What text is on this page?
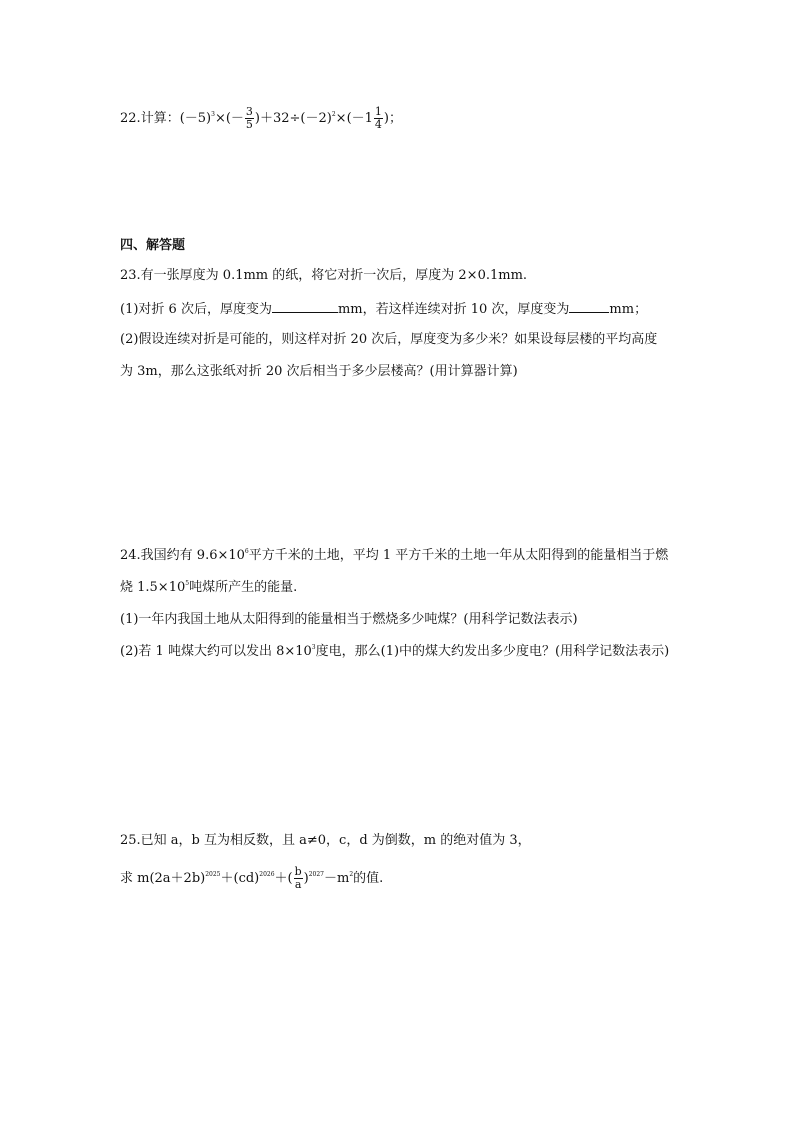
22.计算：$(-5)^3\times(- \frac{3}{5} )+32\div(-2)^2\times(-1 \frac{1}{4}$ )；
四、解答题
23.有一张厚度为 0.1mm 的纸，将它对折一次后，厚度为 2×0.1mm.
(1)对折 6 次后，厚度变为	mm，若这样连续对折 10 次，厚度变为	mm；
(2)假设连续对折是可能的，则这样对折 20 次后，厚度变为多少米？如果设每层楼的平均高度
为 3m，那么这张纸对折 20 次后相当于多少层楼高？(用计算器计算)
24.我国约有 $9.6\times 10^6$平方千米的土地，平均 1 平方千米的土地一年从太阳得到的能量相当于燃
烧 $1.5\times 10^5$吨煤所产生的能量.
(1)一年内我国土地从太阳得到的能量相当于燃烧多少吨煤？(用科学记数法表示)
(2)若 1 吨煤大约可以发出 $8\times 10^3$度电，那么(1)中的煤大约发出多少度电？(用科学记数法表示)
25.已知 a，b 互为相反数，且 a≠0，c，d 为倒数，m 的绝对值为 3，
求 $m(2a+2b)^{2025}+(cd)^{2026}+( \frac{b}{a} )^{2027}-m^2$的值.
